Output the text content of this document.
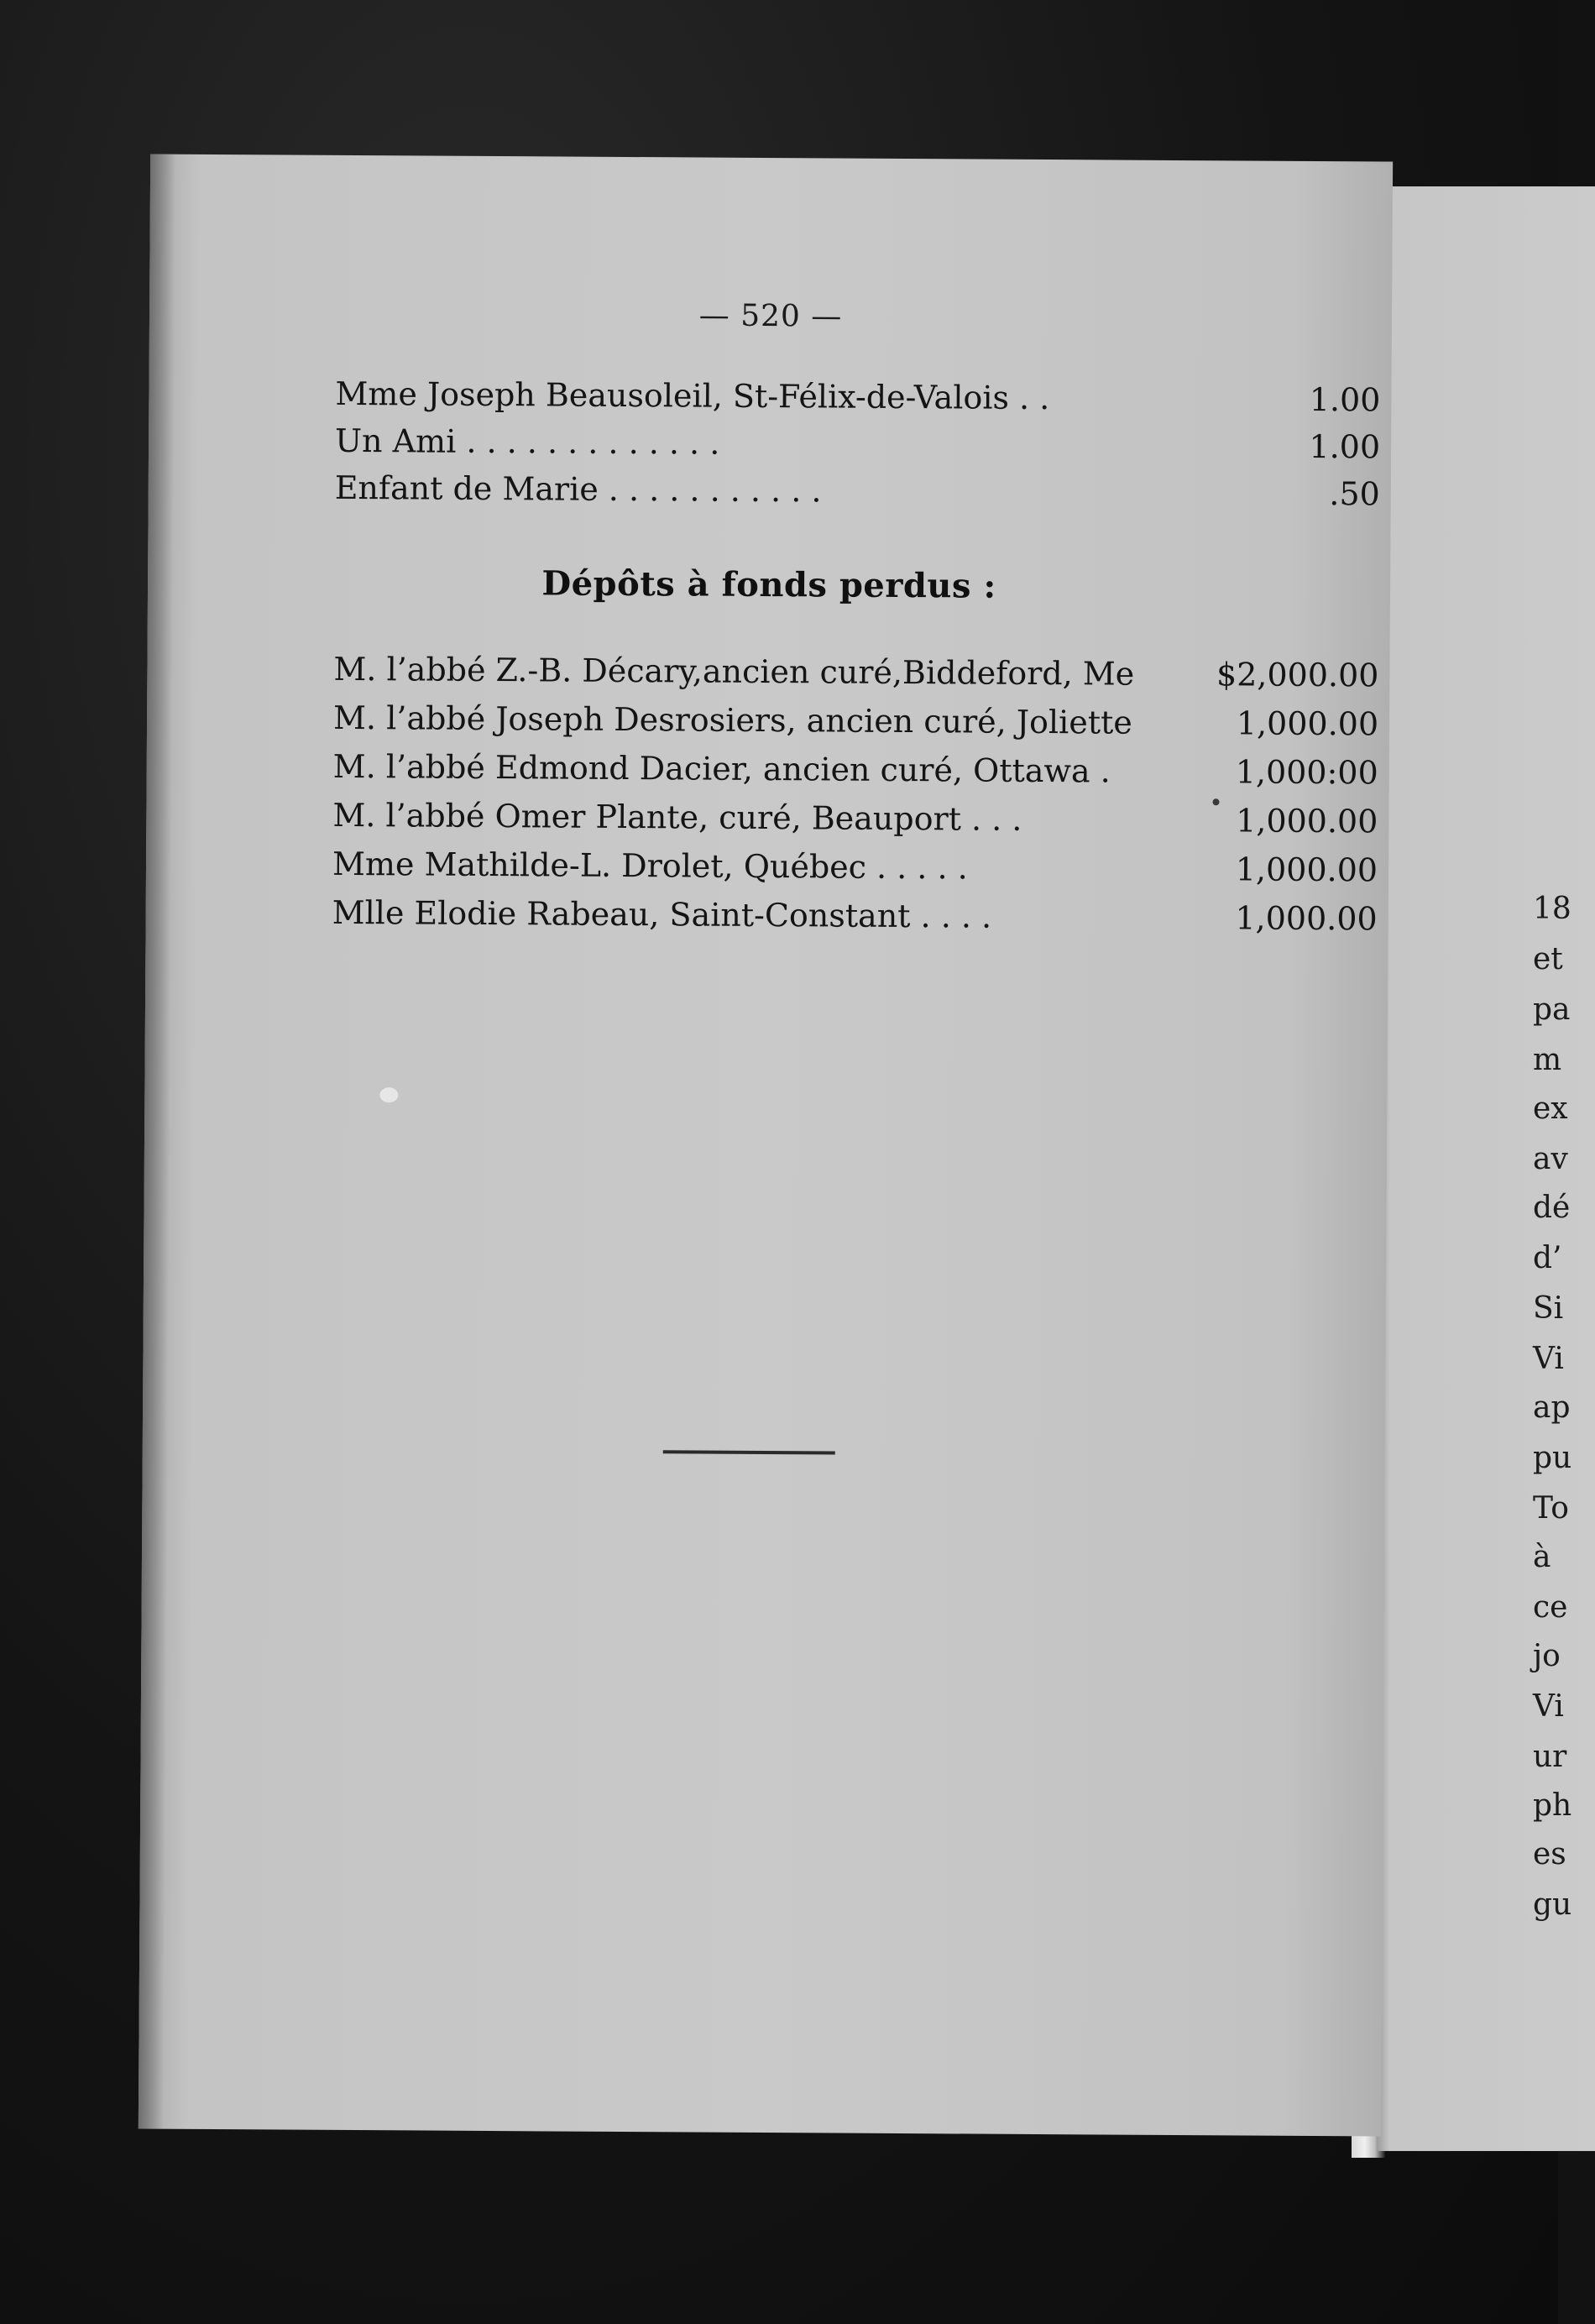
18
et
pa
m
ex
av
dé
d’
Si
Vi
ap
pu
To
à
ce
jo
Vi
ur
ph
es
gu
— 520 —
Mme Joseph Beausoleil, St-Félix-de-Valois . .	1.00
Un Ami . . . . . . . . . . . . .	1.00
Enfant de Marie . . . . . . . . . . .	.50
Dépôts à fonds perdus :
M. l’abbé Z.-B. Décary,ancien curé,Biddeford, Me	$2,000.00
M. l’abbé Joseph Desrosiers, ancien curé, Joliette	1,000.00
M. l’abbé Edmond Dacier, ancien curé, Ottawa .	1,000:00
M. l’abbé Omer Plante, curé, Beauport . . .	1,000.00
Mme Mathilde-L. Drolet, Québec . . . . .	1,000.00
Mlle Elodie Rabeau, Saint-Constant . . . .	1,000.00
